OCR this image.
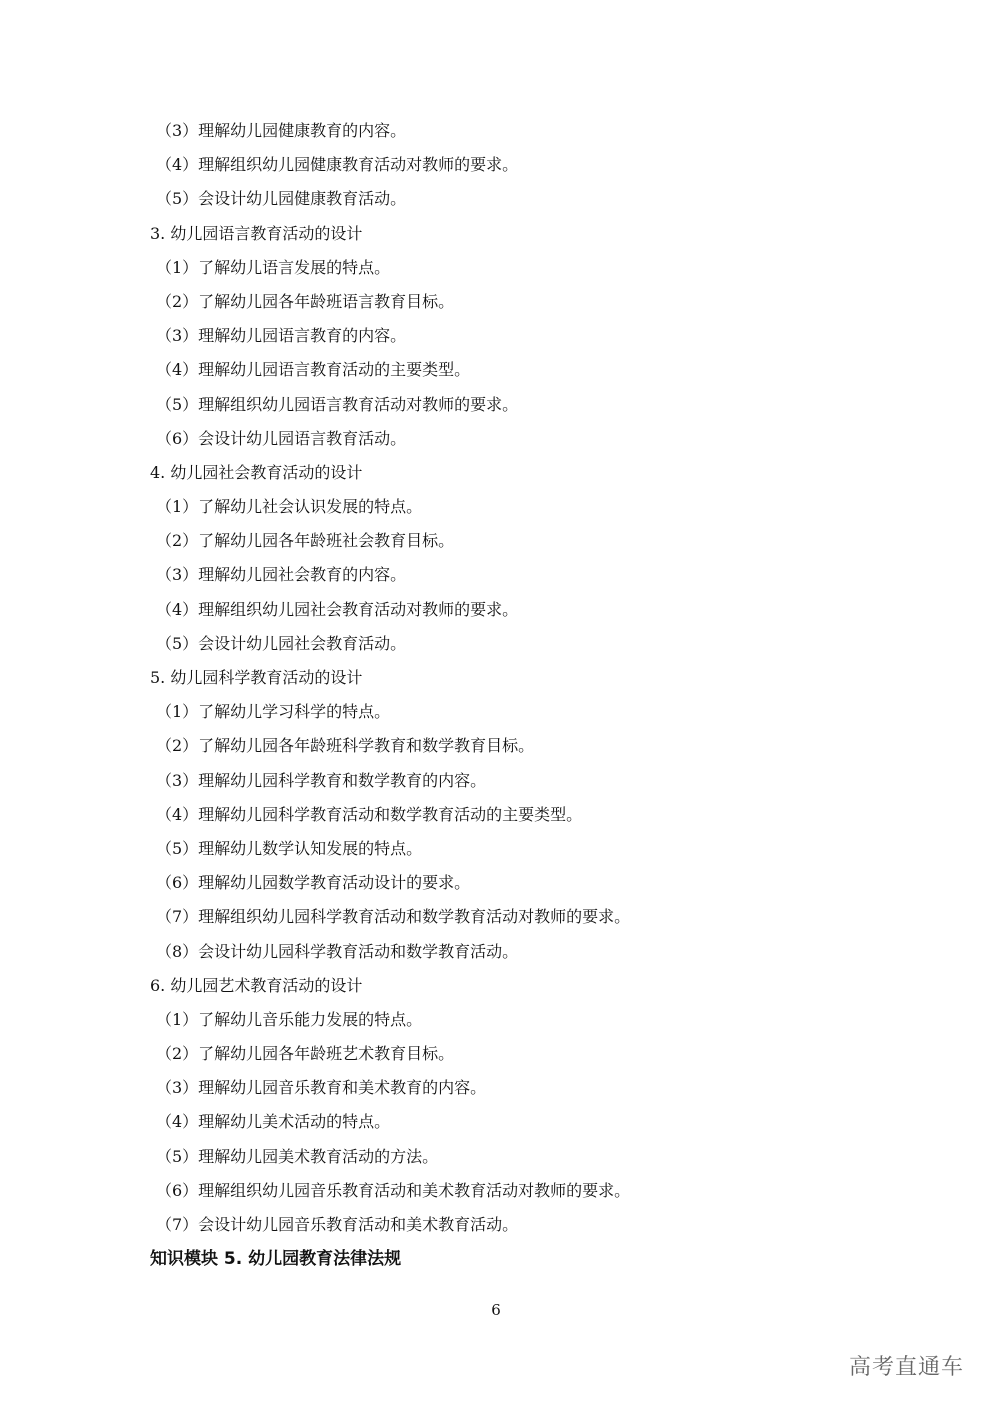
（3）理解幼儿园健康教育的内容。
（4）理解组织幼儿园健康教育活动对教师的要求。
（5）会设计幼儿园健康教育活动。
3. 幼儿园语言教育活动的设计
（1）了解幼儿语言发展的特点。
（2）了解幼儿园各年龄班语言教育目标。
（3）理解幼儿园语言教育的内容。
（4）理解幼儿园语言教育活动的主要类型。
（5）理解组织幼儿园语言教育活动对教师的要求。
（6）会设计幼儿园语言教育活动。
4. 幼儿园社会教育活动的设计
（1）了解幼儿社会认识发展的特点。
（2）了解幼儿园各年龄班社会教育目标。
（3）理解幼儿园社会教育的内容。
（4）理解组织幼儿园社会教育活动对教师的要求。
（5）会设计幼儿园社会教育活动。
5. 幼儿园科学教育活动的设计
（1）了解幼儿学习科学的特点。
（2）了解幼儿园各年龄班科学教育和数学教育目标。
（3）理解幼儿园科学教育和数学教育的内容。
（4）理解幼儿园科学教育活动和数学教育活动的主要类型。
（5）理解幼儿数学认知发展的特点。
（6）理解幼儿园数学教育活动设计的要求。
（7）理解组织幼儿园科学教育活动和数学教育活动对教师的要求。
（8）会设计幼儿园科学教育活动和数学教育活动。
6. 幼儿园艺术教育活动的设计
（1）了解幼儿音乐能力发展的特点。
（2）了解幼儿园各年龄班艺术教育目标。
（3）理解幼儿园音乐教育和美术教育的内容。
（4）理解幼儿美术活动的特点。
（5）理解幼儿园美术教育活动的方法。
（6）理解组织幼儿园音乐教育活动和美术教育活动对教师的要求。
（7）会设计幼儿园音乐教育活动和美术教育活动。
知识模块 5. 幼儿园教育法律法规
6
高考直通车
